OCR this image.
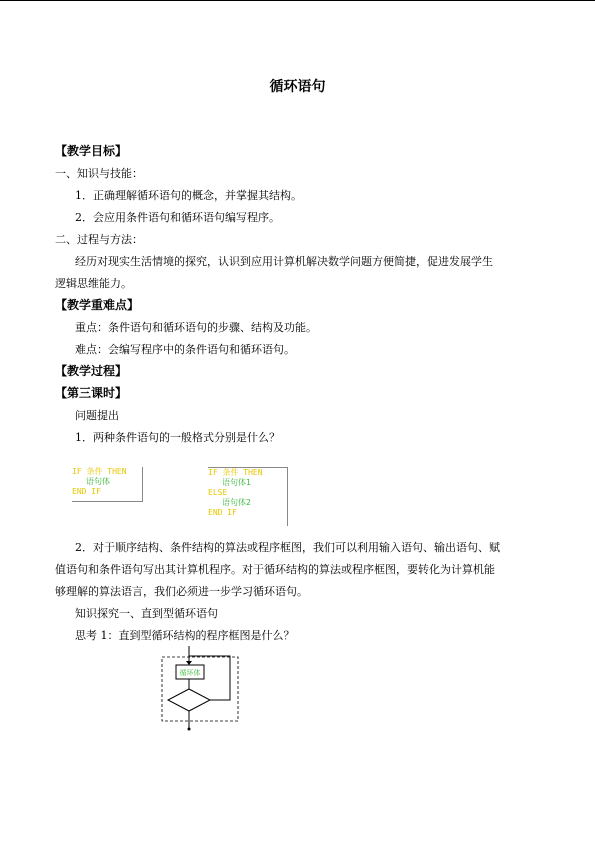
循环语句
【教学目标】
一、知识与技能：
1．正确理解循环语句的概念，并掌握其结构。
2．会应用条件语句和循环语句编写程序。
二、过程与方法：
经历对现实生活情境的探究，认识到应用计算机解决数学问题方便简捷，促进发展学生
逻辑思维能力。
【教学重难点】
重点：条件语句和循环语句的步骤、结构及功能。
难点：会编写程序中的条件语句和循环语句。
【教学过程】
【第三课时】
问题提出
1．两种条件语句的一般格式分别是什么？
IF 条件 THEN
语句体
END IF
IF 条件 THEN
语句体1
ELSE
语句体2
END IF
2．对于顺序结构、条件结构的算法或程序框图，我们可以利用输入语句、输出语句、赋
值语句和条件语句写出其计算机程序。对于循环结构的算法或程序框图，要转化为计算机能
够理解的算法语言，我们必须进一步学习循环语句。
知识探究一、直到型循环语句
思考 1：直到型循环结构的程序框图是什么？
循环体
